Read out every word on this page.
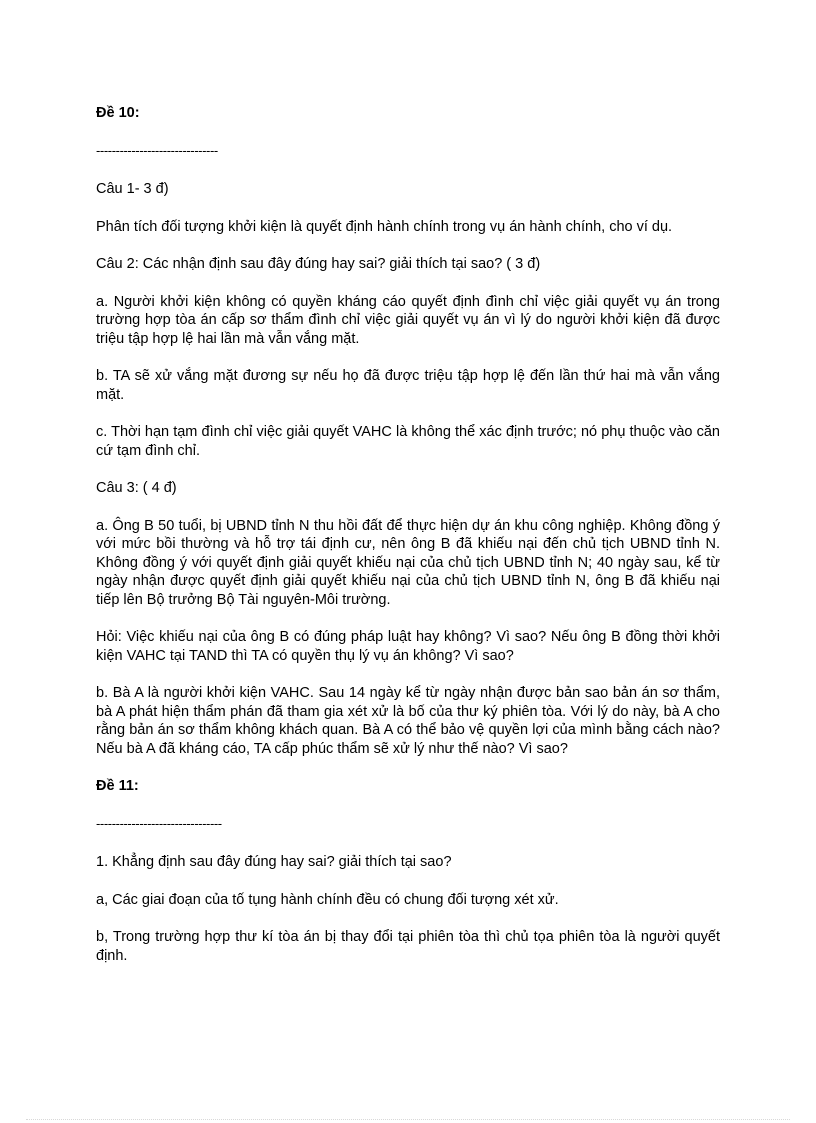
Đề 10:
-------------------------------

Câu 1- 3 đ)

Phân tích đối tượng khởi kiện là quyết định hành chính trong vụ án hành chính, cho ví dụ.

Câu 2: Các nhận định sau đây đúng hay sai? giải thích tại sao? ( 3 đ)

a. Người khởi kiện không có quyền kháng cáo quyết định đình chỉ việc giải quyết vụ án trong trường hợp tòa án cấp sơ thẩm đình chỉ việc giải quyết vụ án vì lý do người khởi kiện đã được triệu tập hợp lệ hai lần mà vẫn vắng mặt.

b. TA sẽ xử vắng mặt đương sự nếu họ đã được triệu tập hợp lệ đến lần thứ hai mà vẫn vắng mặt.

c. Thời hạn tạm đình chỉ việc giải quyết VAHC là không thể xác định trước; nó phụ thuộc vào căn cứ tạm đình chỉ.

Câu 3: ( 4 đ)

a. Ông B 50 tuổi, bị UBND tỉnh N thu hồi đất để thực hiện dự án khu công nghiệp. Không đồng ý với mức bồi thường và hỗ trợ tái định cư, nên ông B đã khiếu nại đến chủ tịch UBND tỉnh N. Không đồng ý với quyết định giải quyết khiếu nại của chủ tịch UBND tỉnh N; 40 ngày sau, kể từ ngày nhận được quyết định giải quyết khiếu nại của chủ tịch UBND tỉnh N, ông B đã khiếu nại tiếp lên Bộ trưởng Bộ Tài nguyên-Môi trường.

Hỏi: Việc khiếu nại của ông B có đúng pháp luật hay không? Vì sao? Nếu ông B đồng thời khởi kiện VAHC tại TAND thì TA có quyền thụ lý vụ án không? Vì sao?

b. Bà A là người khởi kiện VAHC. Sau 14 ngày kể từ ngày nhận được bản sao bản án sơ thẩm, bà A phát hiện thẩm phán đã tham gia xét xử là bố của thư ký phiên tòa. Với lý do này, bà A cho rằng bản án sơ thẩm không khách quan. Bà A có thể bảo vệ quyền lợi của mình bằng cách nào? Nếu bà A đã kháng cáo, TA cấp phúc thẩm sẽ xử lý như thế nào? Vì sao?

Đề 11:
--------------------------------

1. Khẳng định sau đây đúng hay sai? giải thích tại sao?

a, Các giai đoạn của tố tụng hành chính đều có chung đối tượng xét xử.

b, Trong trường hợp thư kí tòa án bị thay đổi tại phiên tòa thì chủ tọa phiên tòa là người quyết định.
